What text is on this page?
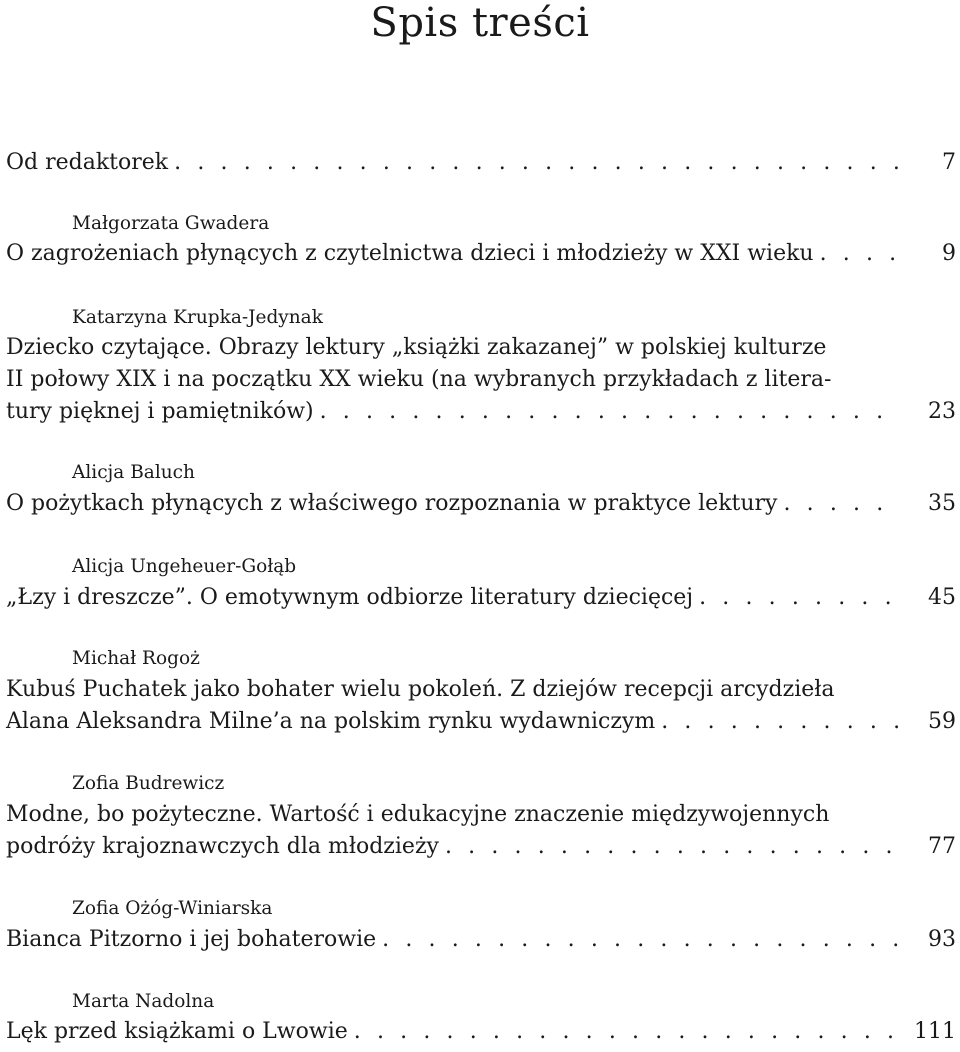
Spis treści
Od redaktorek . . .	7
Małgorzata Gwadera
O zagrożeniach płynących z czytelnictwa dzieci i młodzieży w XXI wieku . . .	9
Katarzyna Krupka-Jedynak
Dziecko czytające. Obrazy lektury „książki zakazanej” w polskiej kulturze
II połowy XIX i na początku XX wieku (na wybranych przykładach z litera-
tury pięknej i pamiętników) . . .	23
Alicja Baluch
O pożytkach płynących z właściwego rozpoznania w praktyce lektury . . .	35
Alicja Ungeheuer-Gołąb
„Łzy i dreszcze”. O emotywnym odbiorze literatury dziecięcej . . .	45
Michał Rogoż
Kubuś Puchatek jako bohater wielu pokoleń. Z dziejów recepcji arcydzieła
Alana Aleksandra Milne’a na polskim rynku wydawniczym . . .	59
Zofia Budrewicz
Modne, bo pożyteczne. Wartość i edukacyjne znaczenie międzywojennych
podróży krajoznawczych dla młodzieży . . .	77
Zofia Ożóg-Winiarska
Bianca Pitzorno i jej bohaterowie . . .	93
Marta Nadolna
Lęk przed książkami o Lwowie . . .	111
